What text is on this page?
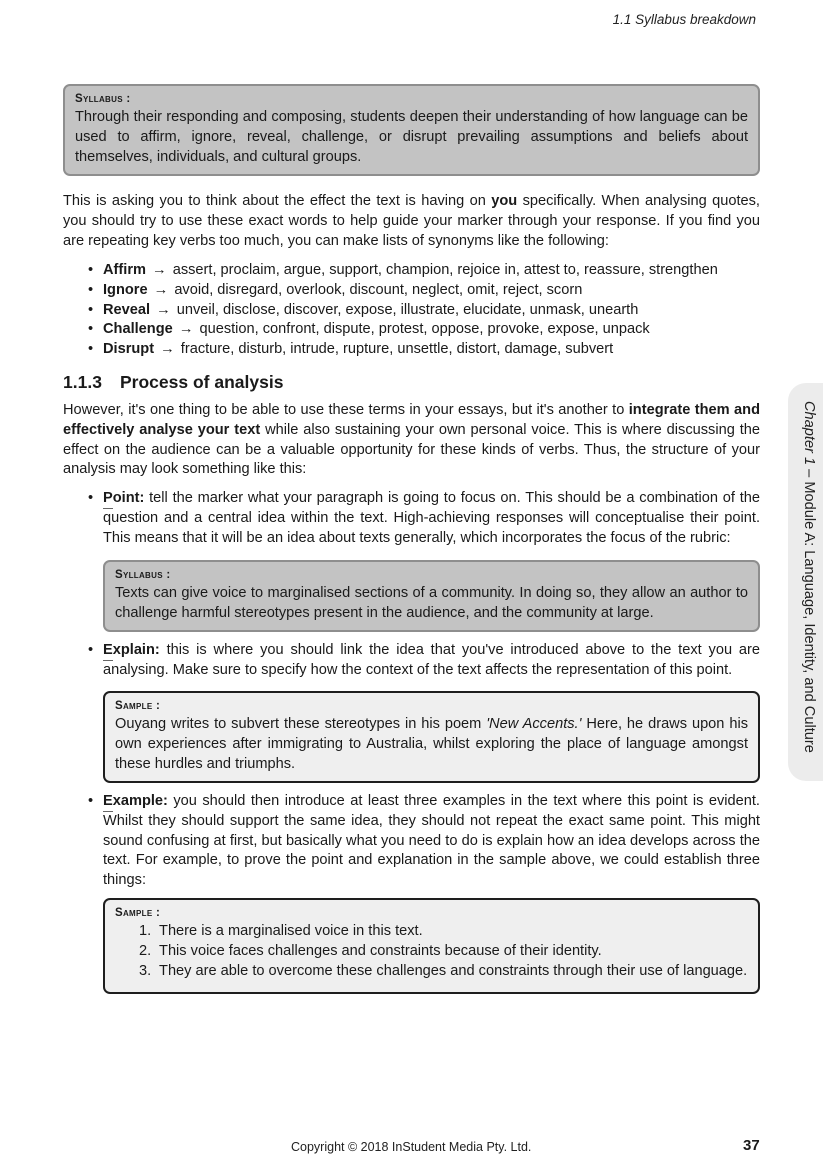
1.1 Syllabus breakdown
Syllabus :

Through their responding and composing, students deepen their understanding of how language can be used to affirm, ignore, reveal, challenge, or disrupt prevailing assumptions and beliefs about themselves, individuals, and cultural groups.

This is asking you to think about the effect the text is having on you specifically. When analysing quotes, you should try to use these exact words to help guide your marker through your response. If you find you are repeating key verbs too much, you can make lists of synonyms like the following:

• Affirm → assert, proclaim, argue, support, champion, rejoice in, attest to, reassure, strengthen
• Ignore → avoid, disregard, overlook, discount, neglect, omit, reject, scorn
• Reveal → unveil, disclose, discover, expose, illustrate, elucidate, unmask, unearth
• Challenge → question, confront, dispute, protest, oppose, provoke, expose, unpack
• Disrupt → fracture, disturb, intrude, rupture, unsettle, distort, damage, subvert
1.1.3 Process of analysis

However, it's one thing to be able to use these terms in your essays, but it's another to integrate them and effectively analyse your text while also sustaining your own personal voice. This is where discussing the effect on the audience can be a valuable opportunity for these kinds of verbs. Thus, the structure of your analysis may look something like this:

• Point: tell the marker what your paragraph is going to focus on. This should be a combination of the question and a central idea within the text. High-achieving responses will conceptualise their point. This means that it will be an idea about texts generally, which incorporates the focus of the rubric:
Syllabus :

Texts can give voice to marginalised sections of a community. In doing so, they allow an author to challenge harmful stereotypes present in the audience, and the community at large.

• Explain: this is where you should link the idea that you've introduced above to the text you are analysing. Make sure to specify how the context of the text affects the representation of this point.
Sample :

Ouyang writes to subvert these stereotypes in his poem 'New Accents.' Here, he draws upon his own experiences after immigrating to Australia, whilst exploring the place of language amongst these hurdles and triumphs.

• Example: you should then introduce at least three examples in the text where this point is evident. Whilst they should support the same idea, they should not repeat the exact same point. This might sound confusing at first, but basically what you need to do is explain how an idea develops across the text. For example, to prove the point and explanation in the sample above, we could establish three things:
Sample :
1. There is a marginalised voice in this text.
2. This voice faces challenges and constraints because of their identity.
3. They are able to overcome these challenges and constraints through their use of language.
Chapter 1 – Module A: Language, Identity, and Culture
Copyright © 2018 InStudent Media Pty. Ltd.	37
